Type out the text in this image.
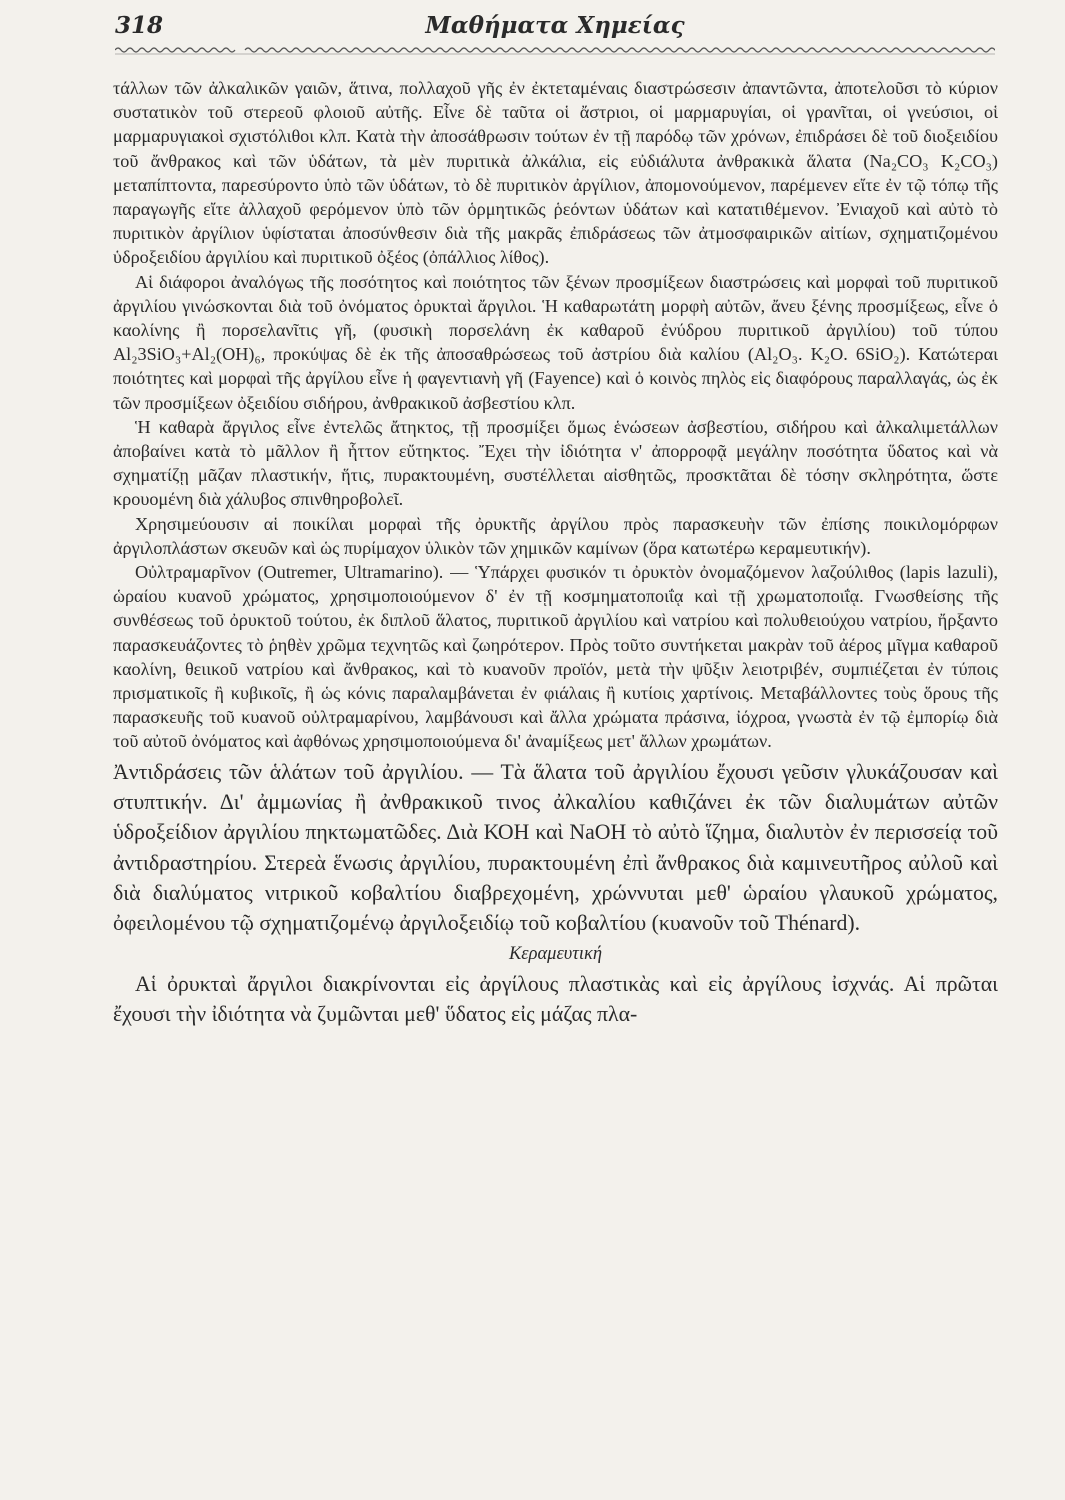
318	Μαθήματα Χημείας

τάλλων τῶν ἀλκαλικῶν γαιῶν, ἅτινα, πολλαχοῦ γῆς ἐν ἐκτεταμέναις διαστρώσεσιν ἀπαντῶντα, ἀποτελοῦσι τὸ κύριον συστατικὸν τοῦ στερεοῦ φλοιοῦ αὐτῆς. Εἶνε δὲ ταῦτα οἱ ἄστριοι, οἱ μαρμαρυγίαι, οἱ γρανῖται, οἱ γνεύσιοι, οἱ μαρμαρυγιακοὶ σχιστόλιθοι κλπ. Κατὰ τὴν ἀποσάθρωσιν τούτων ἐν τῇ παρόδῳ τῶν χρόνων, ἐπιδράσει δὲ τοῦ διοξειδίου τοῦ ἄνθρακος καὶ τῶν ὑδάτων, τὰ μὲν πυριτικὰ ἀλκάλια, εἰς εὐδιάλυτα ἀνθρακικὰ ἅλατα (Na₂CO₃ K₂CO₃) μεταπίπτοντα, παρεσύροντο ὑπὸ τῶν ὑδάτων, τὸ δὲ πυριτικὸν ἀργίλιον, ἀπομονούμενον, παρέμενεν εἴτε ἐν τῷ τόπῳ τῆς παραγωγῆς εἴτε ἀλλαχοῦ φερόμενον ὑπὸ τῶν ὁρμητικῶς ῥεόντων ὑδάτων καὶ κατατιθέμενον. Ἐνιαχοῦ καὶ αὐτὸ τὸ πυριτικὸν ἀργίλιον ὑφίσταται ἀποσύνθεσιν διὰ τῆς μακρᾶς ἐπιδράσεως τῶν ἀτμοσφαιρικῶν αἰτίων, σχηματιζομένου ὑδροξειδίου ἀργιλίου καὶ πυριτικοῦ ὀξέος (ὀπάλλιος λίθος).

Αἱ διάφοροι ἀναλόγως τῆς ποσότητος καὶ ποιότητος τῶν ξένων προσμίξεων διαστρώσεις καὶ μορφαὶ τοῦ πυριτικοῦ ἀργιλίου γινώσκονται διὰ τοῦ ὀνόματος ὀρυκταὶ ἄργιλοι. Ἡ καθαρωτάτη μορφὴ αὐτῶν, ἄνευ ξένης προσμίξεως, εἶνε ὁ καολίνης ἢ πορσελανῖτις γῆ, (φυσικὴ πορσελάνη ἐκ καθαροῦ ἐνύδρου πυριτικοῦ ἀργιλίου) τοῦ τύπου Al₂3SiO₃+Al₂(OH)₆, προκύψας δὲ ἐκ τῆς ἀποσαθρώσεως τοῦ ἀστρίου διὰ καλίου (Al₂O₃. K₂O. 6SiO₂). Κατώτεραι ποιότητες καὶ μορφαὶ τῆς ἀργίλου εἶνε ἡ φαγεντιανὴ γῆ (Fayence) καὶ ὁ κοινὸς πηλὸς εἰς διαφόρους παραλλαγάς, ὡς ἐκ τῶν προσμίξεων ὀξειδίου σιδήρου, ἀνθρακικοῦ ἀσβεστίου κλπ.

Ἡ καθαρὰ ἄργιλος εἶνε ἐντελῶς ἄτηκτος, τῇ προσμίξει ὅμως ἑνώσεων ἀσβεστίου, σιδήρου καὶ ἀλκαλιμετάλλων ἀποβαίνει κατὰ τὸ μᾶλλον ἢ ἧττον εὔτηκτος. Ἔχει τὴν ἰδιότητα ν' ἀπορροφᾷ μεγάλην ποσότητα ὕδατος καὶ νὰ σχηματίζῃ μᾶζαν πλαστικήν, ἥτις, πυρακτουμένη, συστέλλεται αἰσθητῶς, προσκτᾶται δὲ τόσην σκληρότητα, ὥστε κρουομένη διὰ χάλυβος σπινθηροβολεῖ.

Χρησιμεύουσιν αἱ ποικίλαι μορφαὶ τῆς ὀρυκτῆς ἀργίλου πρὸς παρασκευὴν τῶν ἐπίσης ποικιλομόρφων ἀργιλοπλάστων σκευῶν καὶ ὡς πυρίμαχον ὑλικὸν τῶν χημικῶν καμίνων (ὅρα κατωτέρω κεραμευτικήν).

Οὐλτραμαρῖνον (Outremer, Ultramarino). — Ὑπάρχει φυσικόν τι ὀρυκτὸν ὀνομαζόμενον λαζούλιθος (lapis lazuli), ὡραίου κυανοῦ χρώματος, χρησιμοποιούμενον δ' ἐν τῇ κοσμηματοποιΐᾳ καὶ τῇ χρωματοποιΐᾳ. Γνωσθείσης τῆς συνθέσεως τοῦ ὀρυκτοῦ τούτου, ἐκ διπλοῦ ἅλατος, πυριτικοῦ ἀργιλίου καὶ νατρίου καὶ πολυθειούχου νατρίου, ἤρξαντο παρασκευάζοντες τὸ ῥηθὲν χρῶμα τεχνητῶς καὶ ζωηρότερον. Πρὸς τοῦτο συντήκεται μακρὰν τοῦ ἀέρος μῖγμα καθαροῦ καολίνη, θειικοῦ νατρίου καὶ ἄνθρακος, καὶ τὸ κυανοῦν προϊόν, μετὰ τὴν ψῦξιν λειοτριβέν, συμπιέζεται ἐν τύποις πρισματικοῖς ἢ κυβικοῖς, ἢ ὡς κόνις παραλαμβάνεται ἐν φιάλαις ἢ κυτίοις χαρτίνοις. Μεταβάλλοντες τοὺς ὅρους τῆς παρασκευῆς τοῦ κυανοῦ οὐλτραμαρίνου, λαμβάνουσι καὶ ἄλλα χρώματα πράσινα, ἰόχροα, γνωστὰ ἐν τῷ ἐμπορίῳ διὰ τοῦ αὐτοῦ ὀνόματος καὶ ἀφθόνως χρησιμοποιούμενα δι' ἀναμίξεως μετ' ἄλλων χρωμάτων.

Ἀντιδράσεις τῶν ἁλάτων τοῦ ἀργιλίου. — Τὰ ἅλατα τοῦ ἀργιλίου ἔχουσι γεῦσιν γλυκάζουσαν καὶ στυπτικήν. Δι' ἀμμωνίας ἢ ἀνθρακικοῦ τινος ἀλκαλίου καθιζάνει ἐκ τῶν διαλυμάτων αὐτῶν ὑδροξείδιον ἀργιλίου πηκτωματῶδες. Διὰ ΚΟΗ καὶ NaOH τὸ αὐτὸ ἵζημα, διαλυτὸν ἐν περισσείᾳ τοῦ ἀντιδραστηρίου. Στερεὰ ἕνωσις ἀργιλίου, πυρακτουμένη ἐπὶ ἄνθρακος διὰ καμινευτῆρος αὐλοῦ καὶ διὰ διαλύματος νιτρικοῦ κοβαλτίου διαβρεχομένη, χρώννυται μεθ' ὡραίου γλαυκοῦ χρώματος, ὀφειλομένου τῷ σχηματιζομένῳ ἀργιλοξειδίῳ τοῦ κοβαλτίου (κυανοῦν τοῦ Thénard).

Κεραμευτική

Αἱ ὀρυκταὶ ἄργιλοι διακρίνονται εἰς ἀργίλους πλαστικὰς καὶ εἰς ἀργίλους ἰσχνάς. Αἱ πρῶται ἔχουσι τὴν ἰδιότητα νὰ ζυμῶνται μεθ' ὕδατος εἰς μάζας πλα-
